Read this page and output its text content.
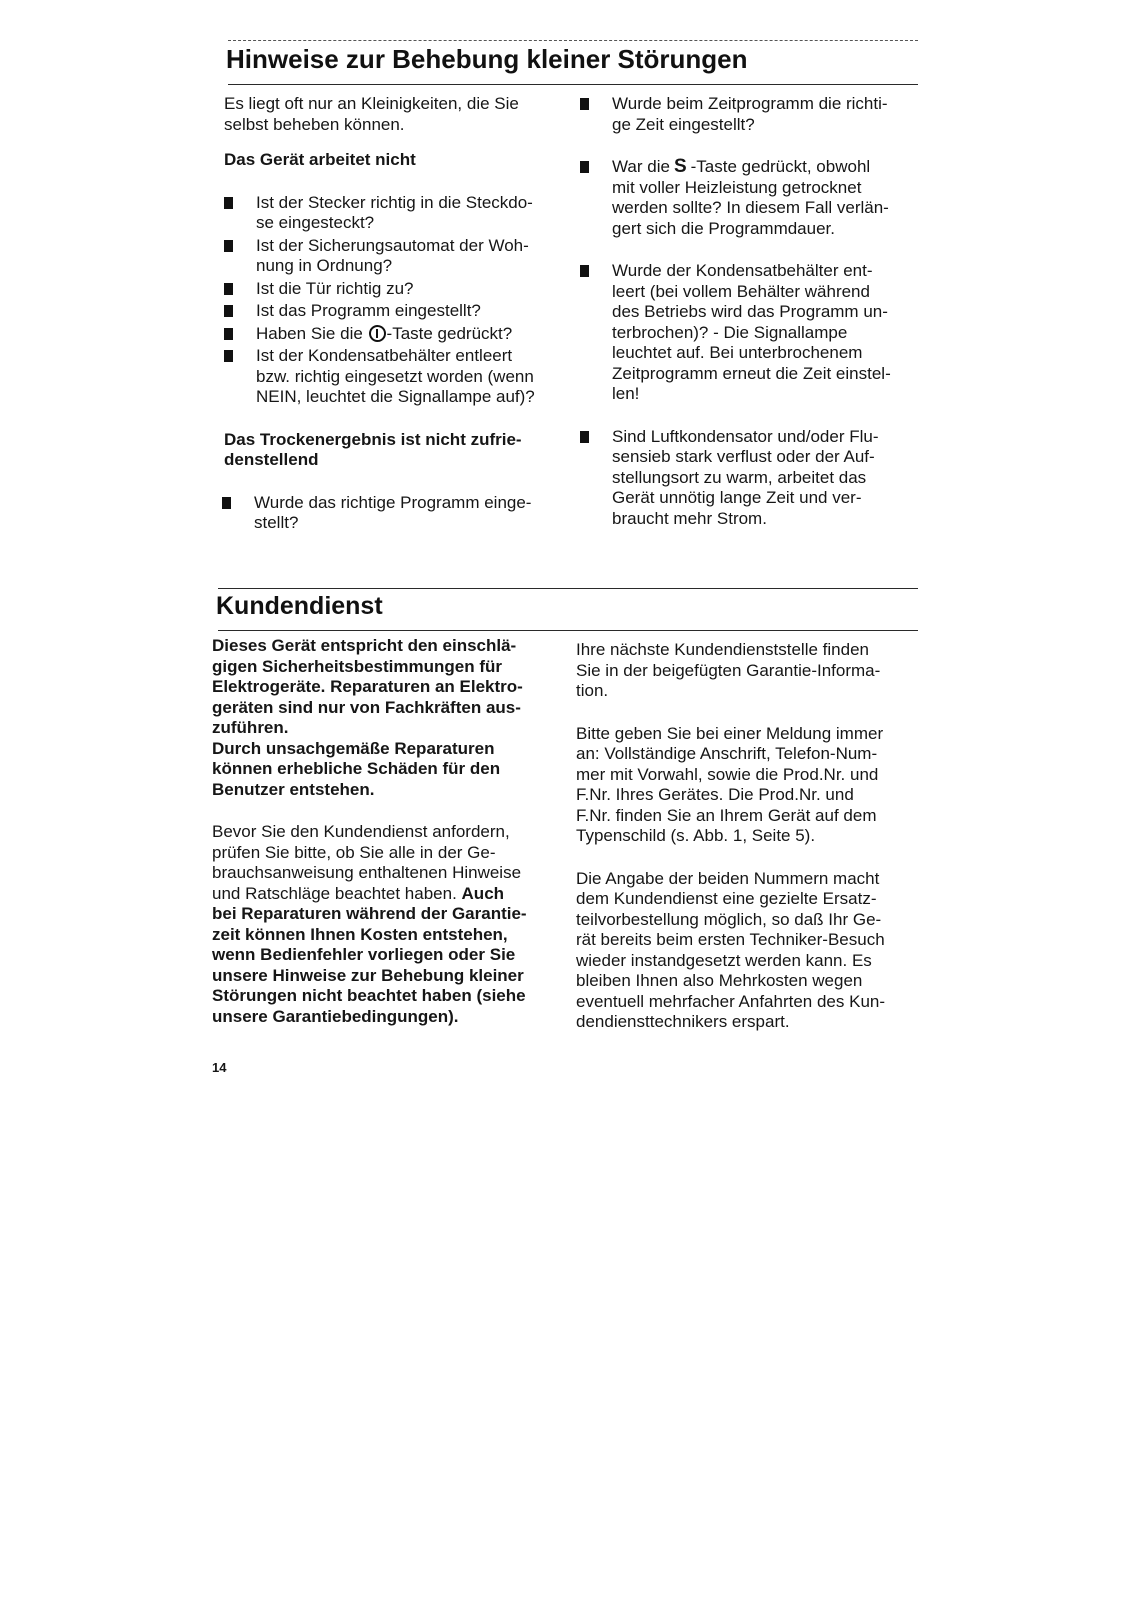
Hinweise zur Behebung kleiner Störungen

Es liegt oft nur an Kleinigkeiten, die Sie
selbst beheben können.

Das Gerät arbeitet nicht

Ist der Stecker richtig in die Steckdo-
se eingesteckt?
Ist der Sicherungsautomat der Woh-
nung in Ordnung?
Ist die Tür richtig zu?
Ist das Programm eingestellt?
Haben Sie die -Taste gedrückt?
Ist der Kondensatbehälter entleert
bzw. richtig eingesetzt worden (wenn
NEIN, leuchtet die Signallampe auf)?

Das Trockenergebnis ist nicht zufrie-
denstellend

Wurde das richtige Programm einge-
stellt?
Wurde beim Zeitprogramm die richti-
ge Zeit eingestellt?
War die S -Taste gedrückt, obwohl
mit voller Heizleistung getrocknet
werden sollte? In diesem Fall verlän-
gert sich die Programmdauer.
Wurde der Kondensatbehälter ent-
leert (bei vollem Behälter während
des Betriebs wird das Programm un-
terbrochen)? - Die Signallampe
leuchtet auf. Bei unterbrochenem
Zeitprogramm erneut die Zeit einstel-
len!
Sind Luftkondensator und/oder Flu-
sensieb stark verflust oder der Auf-
stellungsort zu warm, arbeitet das
Gerät unnötig lange Zeit und ver-
braucht mehr Strom.
Kundendienst

Dieses Gerät entspricht den einschlä-
gigen Sicherheitsbestimmungen für
Elektrogeräte. Reparaturen an Elektro-
geräten sind nur von Fachkräften aus-
zuführen.
Durch unsachgemäße Reparaturen
können erhebliche Schäden für den
Benutzer entstehen.

Bevor Sie den Kundendienst anfordern,
prüfen Sie bitte, ob Sie alle in der Ge-
brauchsanweisung enthaltenen Hinweise
und Ratschläge beachtet haben. Auch
bei Reparaturen während der Garantie-
zeit können Ihnen Kosten entstehen,
wenn Bedienfehler vorliegen oder Sie
unsere Hinweise zur Behebung kleiner
Störungen nicht beachtet haben (siehe
unsere Garantiebedingungen).

Ihre nächste Kundendienststelle finden
Sie in der beigefügten Garantie-Informa-
tion.

Bitte geben Sie bei einer Meldung immer
an: Vollständige Anschrift, Telefon-Num-
mer mit Vorwahl, sowie die Prod.Nr. und
F.Nr. Ihres Gerätes. Die Prod.Nr. und
F.Nr. finden Sie an Ihrem Gerät auf dem
Typenschild (s. Abb. 1, Seite 5).

Die Angabe der beiden Nummern macht
dem Kundendienst eine gezielte Ersatz-
teilvorbestellung möglich, so daß Ihr Ge-
rät bereits beim ersten Techniker-Besuch
wieder instandgesetzt werden kann. Es
bleiben Ihnen also Mehrkosten wegen
eventuell mehrfacher Anfahrten des Kun-
dendiensttechnikers erspart.

14
